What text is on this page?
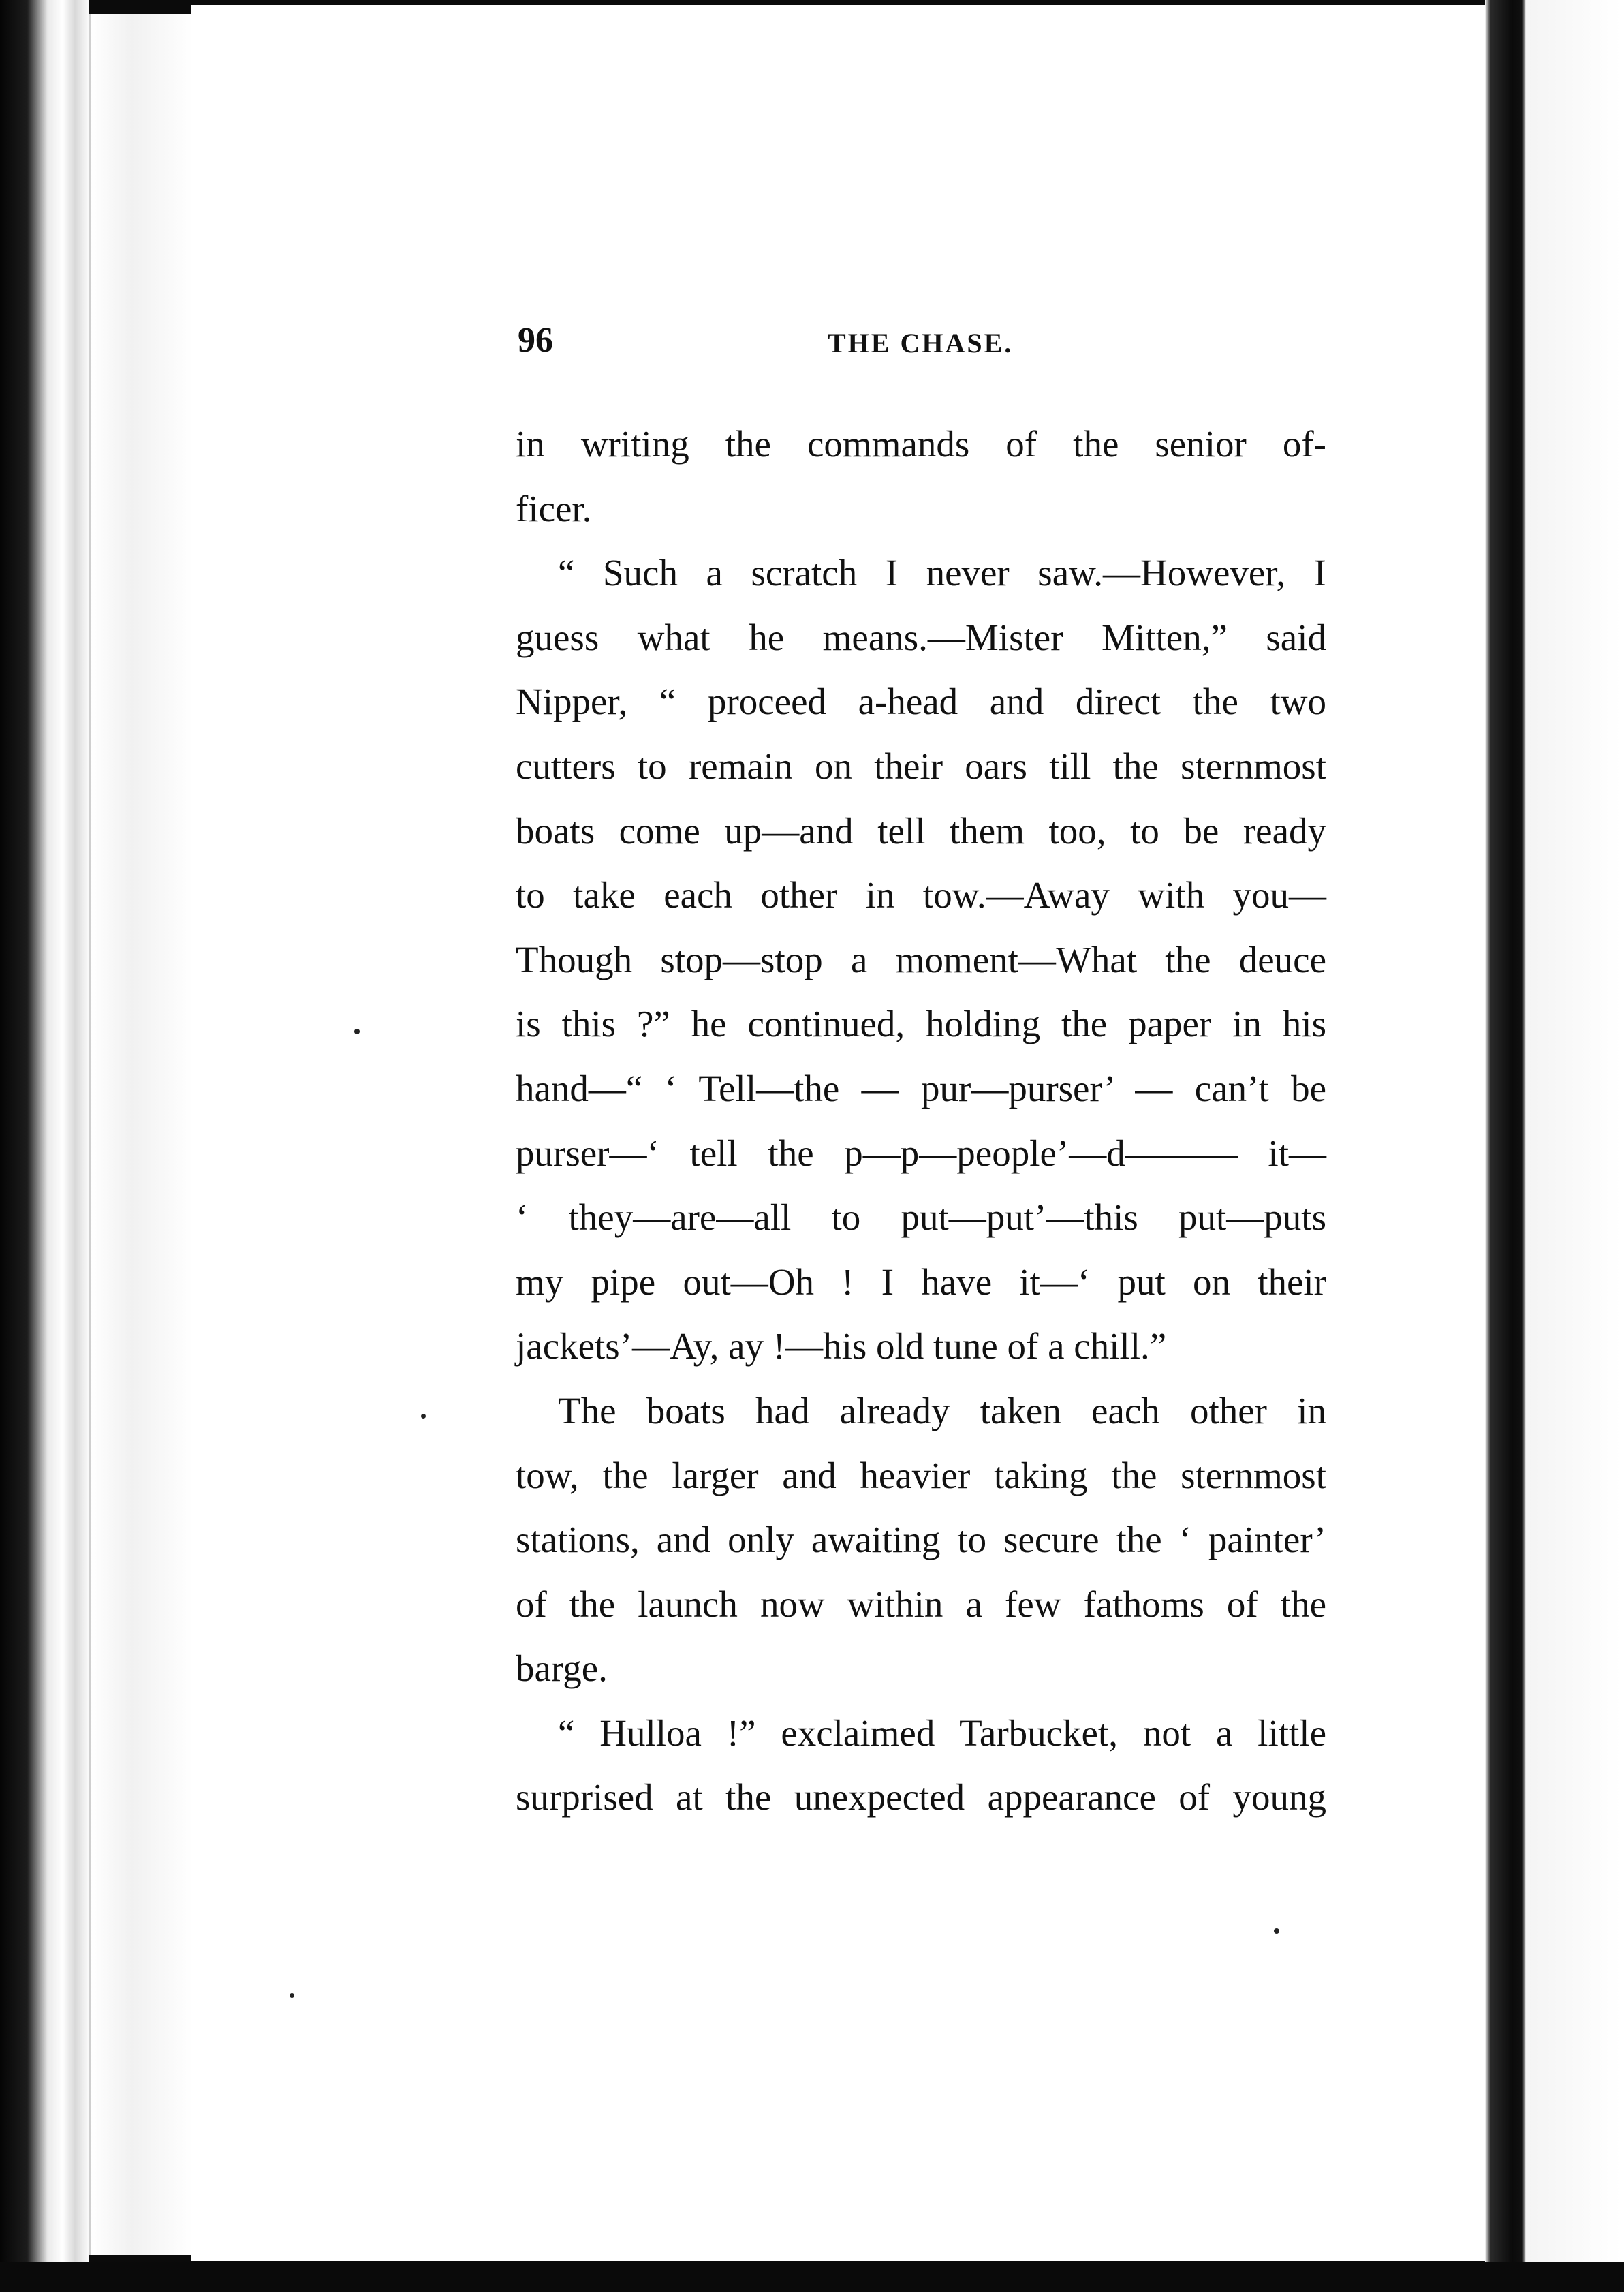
96	THE CHASE.
in writing the commands of the senior of-
ficer.
“ Such a scratch I never saw.—However, I
guess what he means.—Mister Mitten,” said
Nipper, “ proceed a-head and direct the two
cutters to remain on their oars till the sternmost
boats come up—and tell them too, to be ready
to take each other in tow.—Away with you—
Though stop—stop a moment—What the deuce
is this ?” he continued, holding the paper in his
hand—“ ‘ Tell—the — pur—purser’ — can’t be
purser—‘ tell the p—p—people’—d——— it—
‘ they—are—all to put—put’—this put—puts
my pipe out—Oh ! I have it—‘ put on their
jackets’—Ay, ay !—his old tune of a chill.”
The boats had already taken each other in
tow, the larger and heavier taking the sternmost
stations, and only awaiting to secure the ‘ painter’
of the launch now within a few fathoms of the
barge.
“ Hulloa !” exclaimed Tarbucket, not a little
surprised at the unexpected appearance of young
